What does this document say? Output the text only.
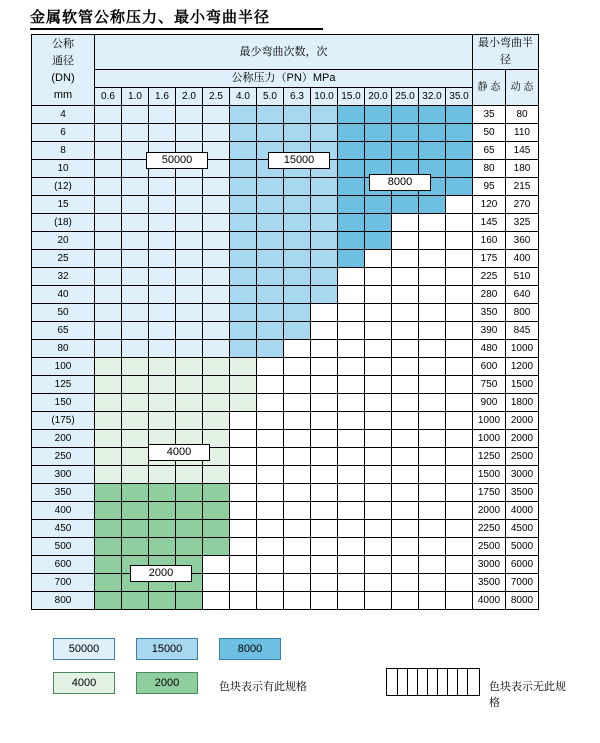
金属软管公称压力、最小弯曲半径
公称
通径
(DN)
mm	最少弯曲次数，次														最小弯曲半径	
	公称压力（PN）MPa														静 态	动 态
	0.6	1.0	1.6	2.0	2.5	4.0	5.0	6.3	10.0	15.0	20.0	25.0	32.0	35.0		
4															35	80
6															50	110
8															65	145
10															80	180
(12)															95	215
15															120	270
(18)															145	325
20															160	360
25															175	400
32															225	510
40															280	640
50															350	800
65															390	845
80															480	1000
100															600	1200
125															750	1500
150															900	1800
(175)															1000	2000
200															1000	2000
250															1250	2500
300															1500	3000
350															1750	3500
400															2000	4000
450															2250	4500
500															2500	5000
600															3000	6000
700															3500	7000
800															4000	8000
50000	15000
8000
4000
2000
50000	15000	8000
4000	2000	色块表示有此规格	色块表示无此规格
